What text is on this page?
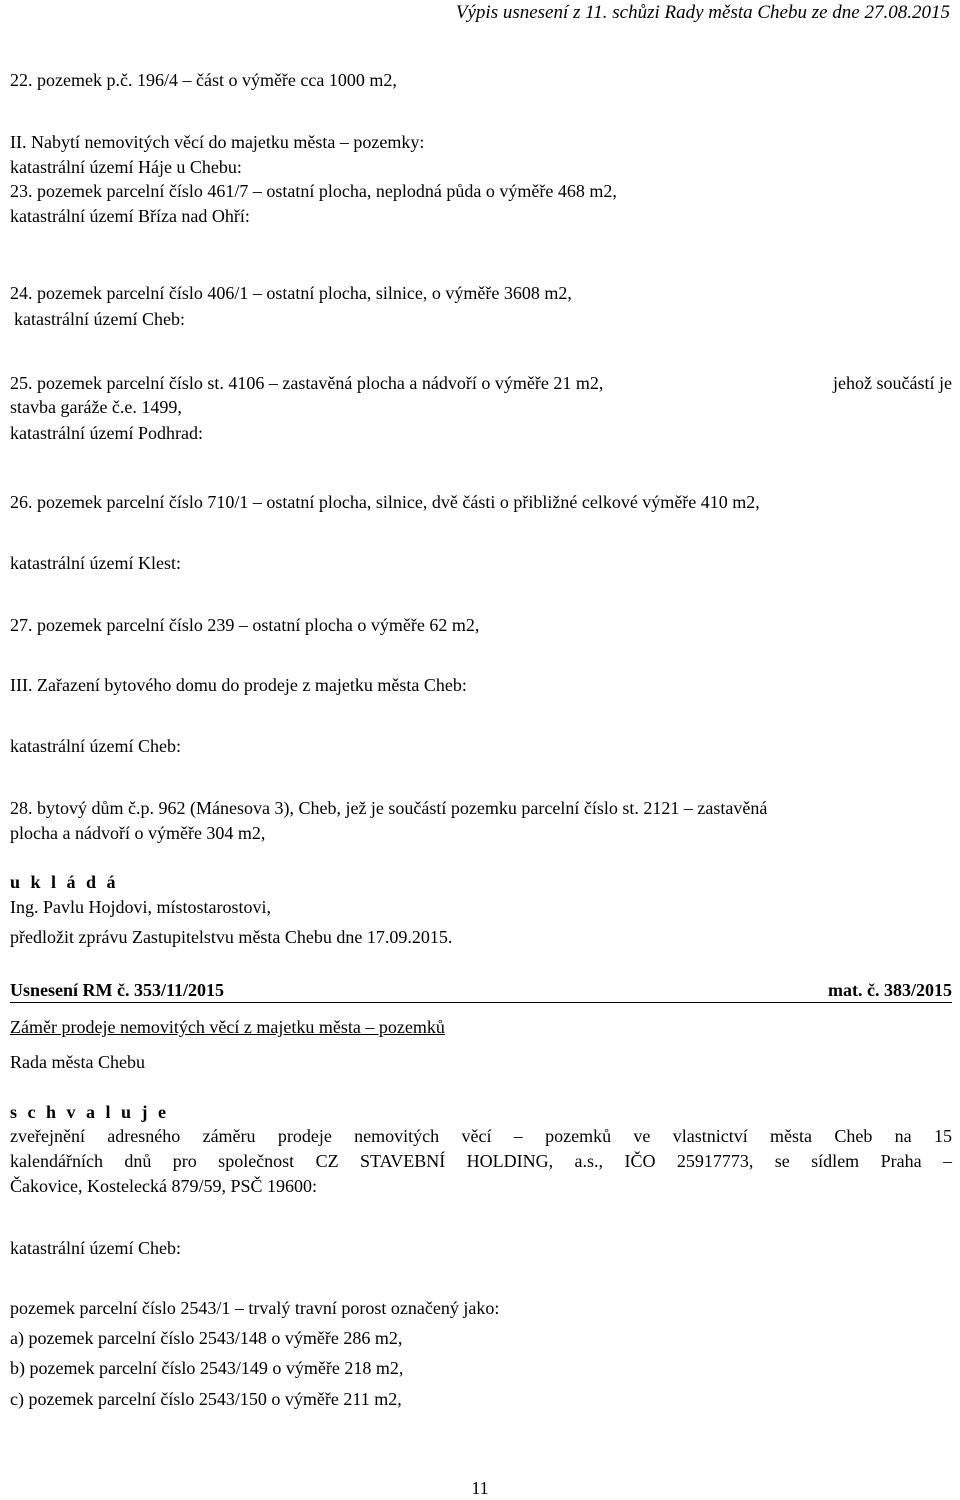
Výpis usnesení z 11. schůzi Rady města Chebu ze dne 27.08.2015
22. pozemek p.č. 196/4 – část o výměře cca 1000 m2,
II. Nabytí nemovitých věcí do majetku města – pozemky:
katastrální území Háje u Chebu:
23. pozemek parcelní číslo 461/7 – ostatní plocha, neplodná půda o výměře 468 m2,
katastrální území Bříza nad Ohří:
24. pozemek parcelní číslo 406/1 – ostatní plocha, silnice, o výměře 3608 m2,
katastrální území Cheb:
25. pozemek parcelní číslo st. 4106 – zastavěná plocha a nádvoří o výměře 21 m2,	jehož součástí je
stavba garáže č.e. 1499,
katastrální území Podhrad:
26. pozemek parcelní číslo 710/1 – ostatní plocha, silnice, dvě části o přibližné celkové výměře 410 m2,
katastrální území Klest:
27. pozemek parcelní číslo 239 – ostatní plocha o výměře 62 m2,
III. Zařazení bytového domu do prodeje z majetku města Cheb:
katastrální území Cheb:
28. bytový dům č.p. 962 (Mánesova 3), Cheb, jež je součástí pozemku parcelní číslo st. 2121 – zastavěná
plocha a nádvoří o výměře 304 m2,
u k l á d á
Ing. Pavlu Hojdovi, místostarostovi,
předložit zprávu Zastupitelstvu města Chebu dne 17.09.2015.
Usnesení RM č. 353/11/2015	mat. č. 383/2015
Záměr prodeje nemovitých věcí z majetku města – pozemků
Rada města Chebu
s c h v a l u j e
zveřejnění adresného záměru prodeje nemovitých věcí – pozemků ve vlastnictví města Cheb na 15
kalendářních dnů pro společnost CZ STAVEBNÍ HOLDING, a.s., IČO 25917773, se sídlem Praha –
Čakovice, Kostelecká 879/59, PSČ 19600:
katastrální území Cheb:
pozemek parcelní číslo 2543/1 – trvalý travní porost označený jako:
a) pozemek parcelní číslo 2543/148 o výměře 286 m2,
b) pozemek parcelní číslo 2543/149 o výměře 218 m2,
c) pozemek parcelní číslo 2543/150 o výměře 211 m2,
11
